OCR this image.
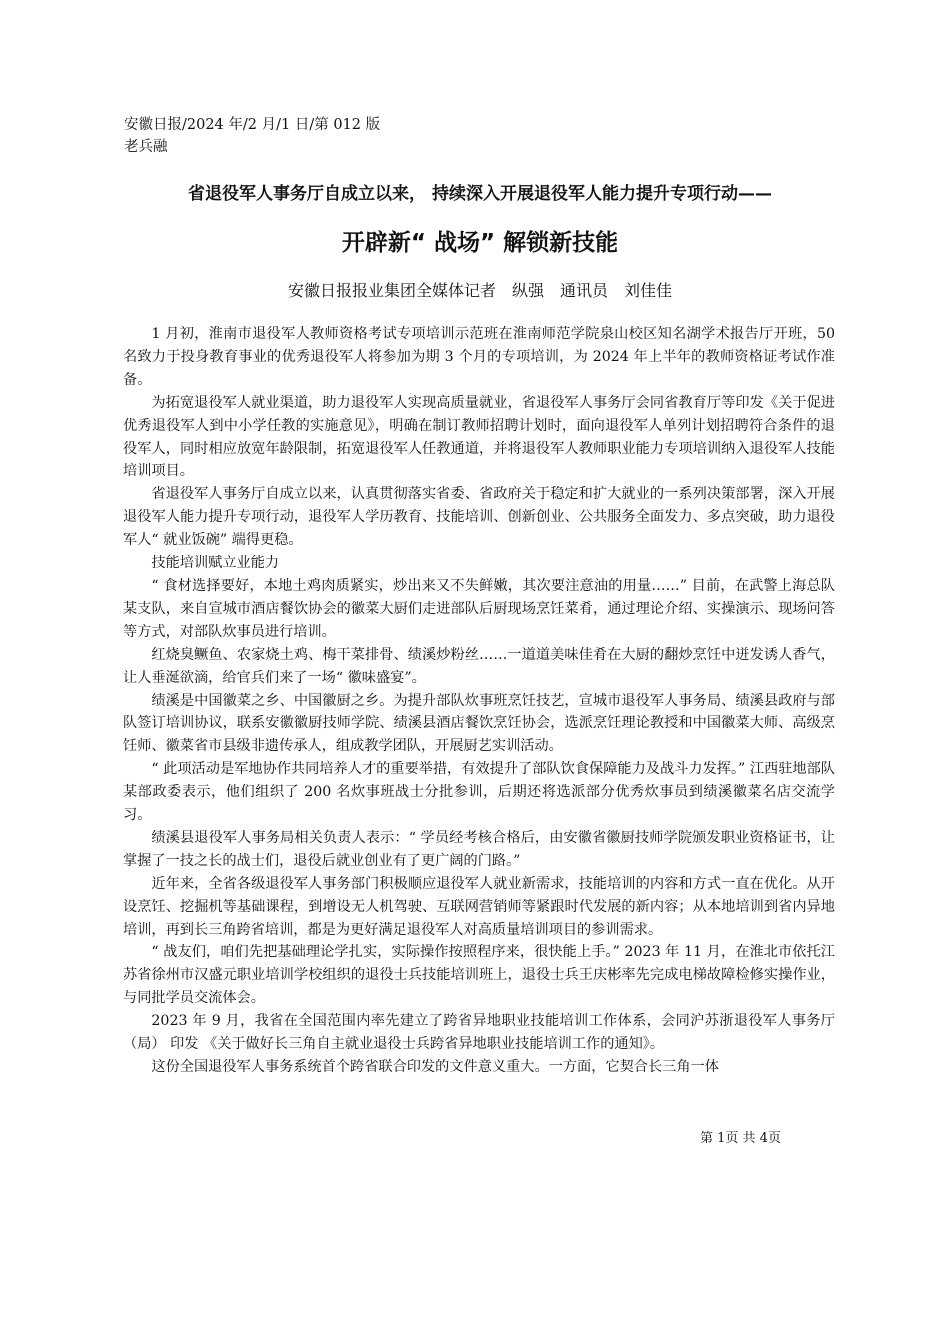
安徽日报/2024 年/2 月/1 日/第 012 版老兵融
省退役军人事务厅自成立以来， 持续深入开展退役军人能力提升专项行动——
开辟新“ 战场” 解锁新技能
安徽日报报业集团全媒体记者　纵强　通讯员　刘佳佳

1 月初，淮南市退役军人教师资格考试专项培训示范班在淮南师范学院泉山校区知名湖学术报告厅开班，50 名致力于投身教育事业的优秀退役军人将参加为期 3 个月的专项培训，为 2024 年上半年的教师资格证考试作准备。

为拓宽退役军人就业渠道，助力退役军人实现高质量就业，省退役军人事务厅会同省教育厅等印发《关于促进优秀退役军人到中小学任教的实施意见》，明确在制订教师招聘计划时，面向退役军人单列计划招聘符合条件的退役军人，同时相应放宽年龄限制，拓宽退役军人任教通道，并将退役军人教师职业能力专项培训纳入退役军人技能培训项目。

省退役军人事务厅自成立以来，认真贯彻落实省委、省政府关于稳定和扩大就业的一系列决策部署，深入开展退役军人能力提升专项行动，退役军人学历教育、技能培训、创新创业、公共服务全面发力、多点突破，助力退役军人“ 就业饭碗” 端得更稳。

技能培训赋立业能力

“ 食材选择要好，本地土鸡肉质紧实，炒出来又不失鲜嫩，其次要注意油的用量……” 目前，在武警上海总队某支队，来自宣城市酒店餐饮协会的徽菜大厨们走进部队后厨现场烹饪菜肴，通过理论介绍、实操演示、现场问答等方式，对部队炊事员进行培训。

红烧臭鳜鱼、农家烧土鸡、梅干菜排骨、绩溪炒粉丝……一道道美味佳肴在大厨的翻炒烹饪中迸发诱人香气，让人垂涎欲滴，给官兵们来了一场“ 徽味盛宴”。

绩溪是中国徽菜之乡、中国徽厨之乡。为提升部队炊事班烹饪技艺，宣城市退役军人事务局、绩溪县政府与部队签订培训协议，联系安徽徽厨技师学院、绩溪县酒店餐饮烹饪协会，选派烹饪理论教授和中国徽菜大师、高级烹饪师、徽菜省市县级非遗传承人，组成教学团队，开展厨艺实训活动。

“ 此项活动是军地协作共同培养人才的重要举措，有效提升了部队饮食保障能力及战斗力发挥。” 江西驻地部队某部政委表示，他们组织了 200 名炊事班战士分批参训，后期还将选派部分优秀炊事员到绩溪徽菜名店交流学习。

绩溪县退役军人事务局相关负责人表示：“ 学员经考核合格后，由安徽省徽厨技师学院颁发职业资格证书，让掌握了一技之长的战士们，退役后就业创业有了更广阔的门路。”

近年来，全省各级退役军人事务部门积极顺应退役军人就业新需求，技能培训的内容和方式一直在优化。从开设烹饪、挖掘机等基础课程，到增设无人机驾驶、互联网营销师等紧跟时代发展的新内容；从本地培训到省内异地培训，再到长三角跨省培训，都是为更好满足退役军人对高质量培训项目的参训需求。

“ 战友们，咱们先把基础理论学扎实，实际操作按照程序来，很快能上手。” 2023 年 11 月，在淮北市依托江苏省徐州市汉盛元职业培训学校组织的退役士兵技能培训班上，退役士兵王庆彬率先完成电梯故障检修实操作业，与同批学员交流体会。

2023 年 9 月，我省在全国范围内率先建立了跨省异地职业技能培训工作体系，会同沪苏浙退役军人事务厅 （局） 印发 《关于做好长三角自主就业退役士兵跨省异地职业技能培训工作的通知》。

这份全国退役军人事务系统首个跨省联合印发的文件意义重大。一方面，它契合长三角一体

第 1页 共 4页
